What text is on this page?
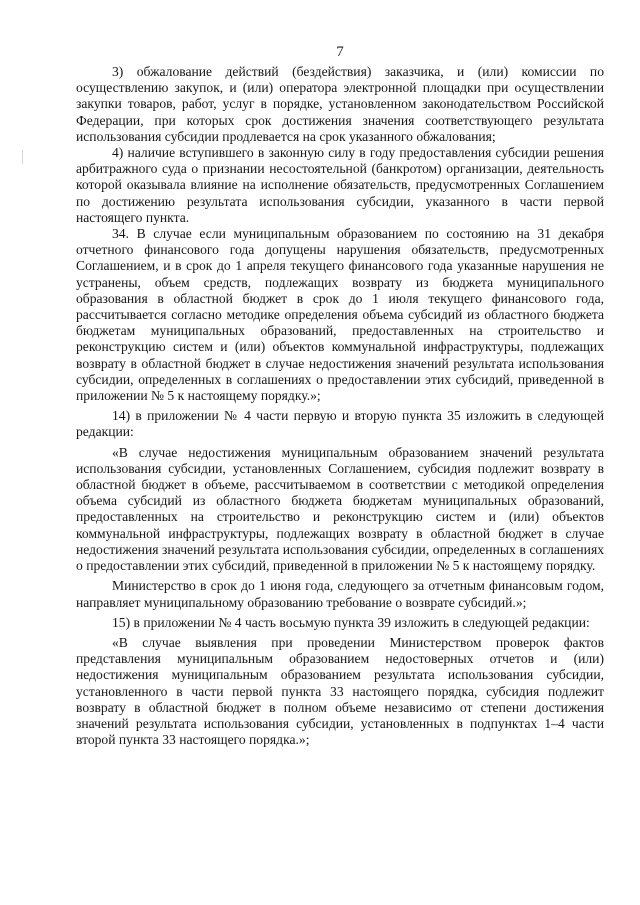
7

3) обжалование действий (бездействия) заказчика, и (или) комиссии по осуществлению закупок, и (или) оператора электронной площадки при осуществлении закупки товаров, работ, услуг в порядке, установленном законодательством Российской Федерации, при которых срок достижения значения соответствующего результата использования субсидии продлевается на срок указанного обжалования;

4) наличие вступившего в законную силу в году предоставления субсидии решения арбитражного суда о признании несостоятельной (банкротом) организации, деятельность которой оказывала влияние на исполнение обязательств, предусмотренных Соглашением по достижению результата использования субсидии, указанного в части первой настоящего пункта.

34. В случае если муниципальным образованием по состоянию на 31 декабря отчетного финансового года допущены нарушения обязательств, предусмотренных Соглашением, и в срок до 1 апреля текущего финансового года указанные нарушения не устранены, объем средств, подлежащих возврату из бюджета муниципального образования в областной бюджет в срок до 1 июля текущего финансового года, рассчитывается согласно методике определения объема субсидий из областного бюджета бюджетам муниципальных образований, предоставленных на строительство и реконструкцию систем и (или) объектов коммунальной инфраструктуры, подлежащих возврату в областной бюджет в случае недостижения значений результата использования субсидии, определенных в соглашениях о предоставлении этих субсидий, приведенной в приложении № 5 к настоящему порядку.»;

14) в приложении № 4 части первую и вторую пункта 35 изложить в следующей редакции:

«В случае недостижения муниципальным образованием значений результата использования субсидии, установленных Соглашением, субсидия подлежит возврату в областной бюджет в объеме, рассчитываемом в соответствии с методикой определения объема субсидий из областного бюджета бюджетам муниципальных образований, предоставленных на строительство и реконструкцию систем и (или) объектов коммунальной инфраструктуры, подлежащих возврату в областной бюджет в случае недостижения значений результата использования субсидии, определенных в соглашениях о предоставлении этих субсидий, приведенной в приложении № 5 к настоящему порядку.

Министерство в срок до 1 июня года, следующего за отчетным финансовым годом, направляет муниципальному образованию требование о возврате субсидий.»;

15) в приложении № 4 часть восьмую пункта 39 изложить в следующей редакции:

«В случае выявления при проведении Министерством проверок фактов представления муниципальным образованием недостоверных отчетов и (или) недостижения муниципальным образованием результата использования субсидии, установленного в части первой пункта 33 настоящего порядка, субсидия подлежит возврату в областной бюджет в полном объеме независимо от степени достижения значений результата использования субсидии, установленных в подпунктах 1–4 части второй пункта 33 настоящего порядка.»;
